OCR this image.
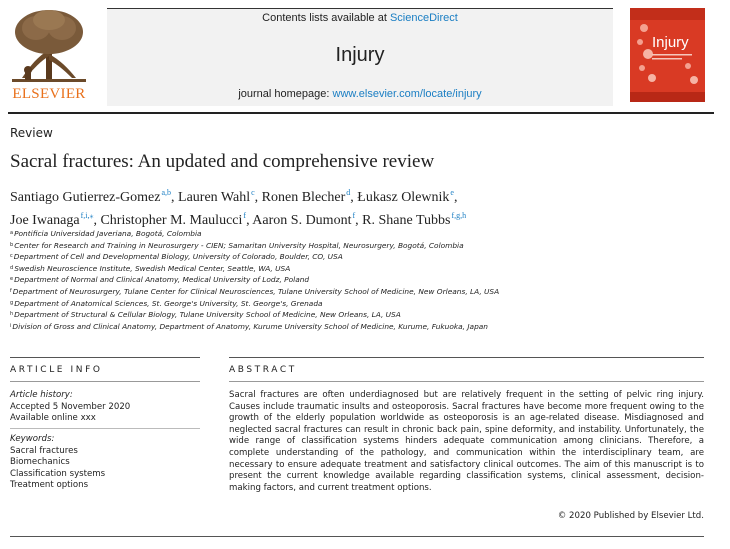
ELSEVIER
Contents lists available at ScienceDirect
Injury
journal homepage: www.elsevier.com/locate/injury
Injury
Review
Sacral fractures: An updated and comprehensive review
Santiago Gutierrez-Gomez$^{a,b}$, Lauren Wahl$^c$, Ronen Blecher$^d$, Łukasz Olewnik$^e$,
Joe Iwanaga$^{f,i,⁎}$, Christopher M. Maulucci$^f$, Aaron S. Dumont$^f$, R. Shane Tubbs$^{f,g,h}$
$^a$Pontificia Universidad Javeriana, Bogotá, Colombia
$^b$Center for Research and Training in Neurosurgery - CIEN; Samaritan University Hospital, Neurosurgery, Bogotá, Colombia
$^c$Department of Cell and Developmental Biology, University of Colorado, Boulder, CO, USA
$^d$Swedish Neuroscience Institute, Swedish Medical Center, Seattle, WA, USA
$^e$Department of Normal and Clinical Anatomy, Medical University of Lodz, Poland
$^f$Department of Neurosurgery, Tulane Center for Clinical Neurosciences, Tulane University School of Medicine, New Orleans, LA, USA
$^g$Department of Anatomical Sciences, St. George's University, St. George's, Grenada
$^h$Department of Structural & Cellular Biology, Tulane University School of Medicine, New Orleans, LA, USA
$^i$Division of Gross and Clinical Anatomy, Department of Anatomy, Kurume University School of Medicine, Kurume, Fukuoka, Japan
ARTICLE INFO
Article history:
Accepted 5 November 2020
Available online xxx
Keywords:
Sacral fractures
Biomechanics
Classification systems
Treatment options
ABSTRACT
Sacral fractures are often underdiagnosed but are relatively frequent in the setting of pelvic ring injury. Causes include traumatic insults and osteoporosis. Sacral fractures have become more frequent owing to the growth of the elderly population worldwide as osteoporosis is an age-related disease. Misdiagnosed and neglected sacral fractures can result in chronic back pain, spine deformity, and instability. Unfortunately, the wide range of classification systems hinders adequate communication among clinicians. Therefore, a complete understanding of the pathology, and communication within the interdisciplinary team, are necessary to ensure adequate treatment and satisfactory clinical outcomes. The aim of this manuscript is to present the current knowledge available regarding classification systems, clinical assessment, decision-making factors, and current treatment options.
© 2020 Published by Elsevier Ltd.
